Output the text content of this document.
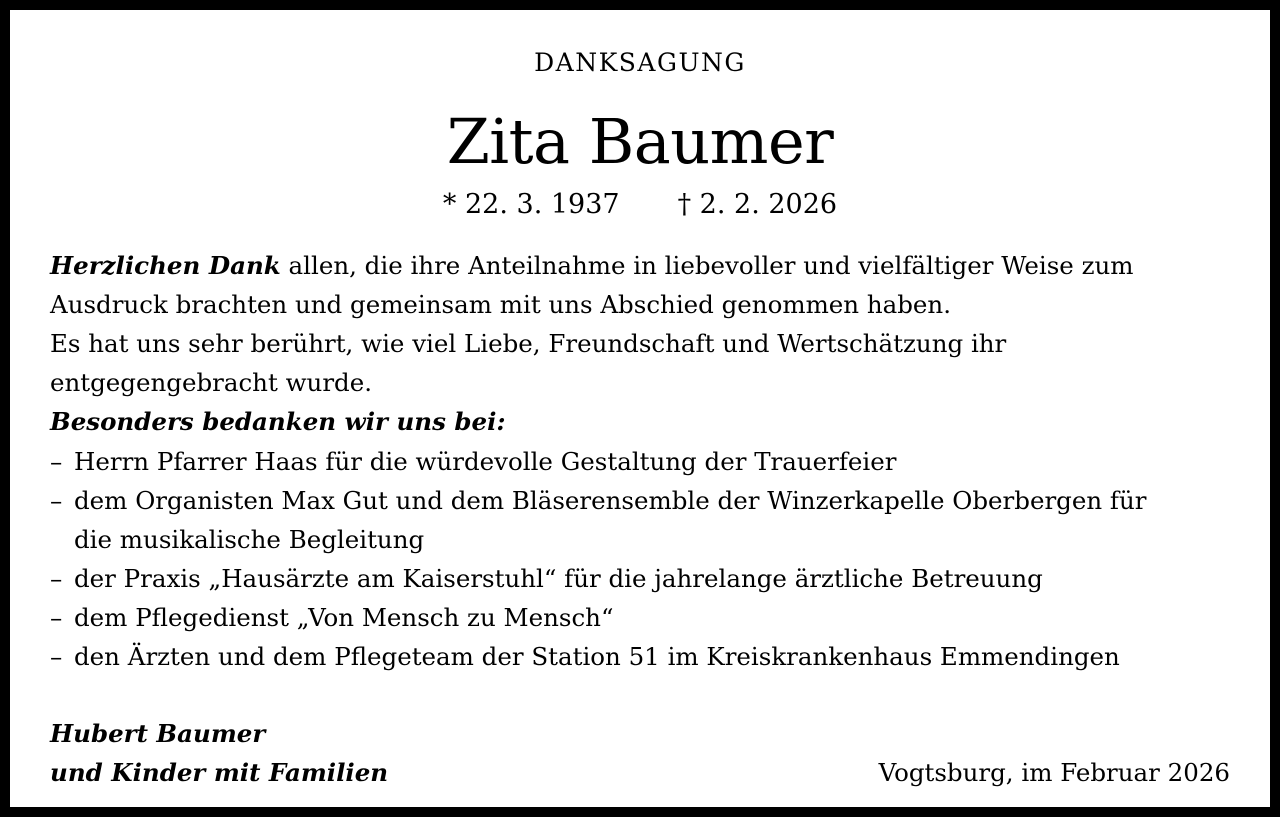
DANKSAGUNG
Zita Baumer
* 22. 3. 1937 † 2. 2. 2026

Herzlichen Dank allen, die ihre Anteilnahme in liebevoller und vielfältiger Weise zum Ausdruck brachten und gemeinsam mit uns Abschied genommen haben.

Es hat uns sehr berührt, wie viel Liebe, Freundschaft und Wertschätzung ihr entgegengebracht wurde.

Besonders bedanken wir uns bei:

– Herrn Pfarrer Haas für die würdevolle Gestaltung der Trauerfeier
– dem Organisten Max Gut und dem Bläserensemble der Winzerkapelle Oberbergen für die musikalische Begleitung
– der Praxis „Hausärzte am Kaiserstuhl“ für die jahrelange ärztliche Betreuung
– dem Pflegedienst „Von Mensch zu Mensch“
– den Ärzten und dem Pflegeteam der Station 51 im Kreiskrankenhaus Emmendingen
Hubert Baumer
und Kinder mit Familien	Vogtsburg, im Februar 2026
